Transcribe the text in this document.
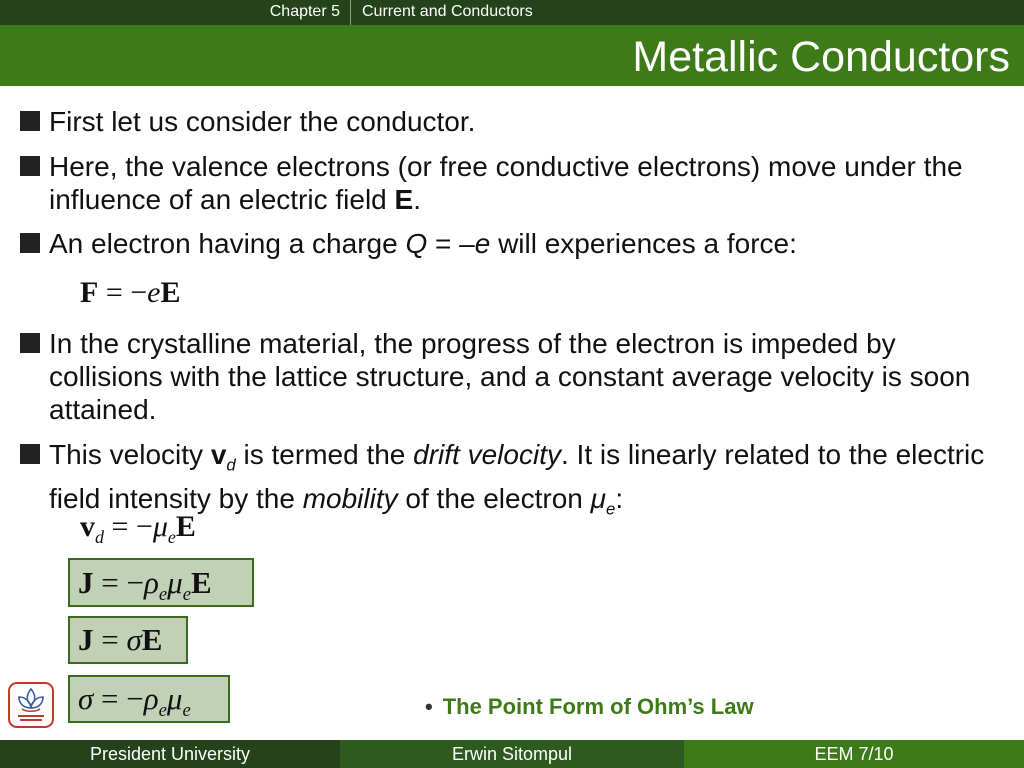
Chapter 5 Current and Conductors
Metallic Conductors
First let us consider the conductor.
Here, the valence electrons (or free conductive electrons) move under the influence of an electric field E.
An electron having a charge Q = –e will experiences a force:
F = −eE
In the crystalline material, the progress of the electron is impeded by collisions with the lattice structure, and a constant average velocity is soon attained.
This velocity $v_d$ is termed the drift velocity. It is linearly related to the electric field intensity by the mobility of the electron $\mu_e$:
$v_d = -\mu_eE$
$J = -\rho_e\mu_eE$
J = σE
$\sigma = -\rho_e\mu_e$	• The Point Form of Ohm’s Law
President University	Erwin Sitompul	EEM 7/10
